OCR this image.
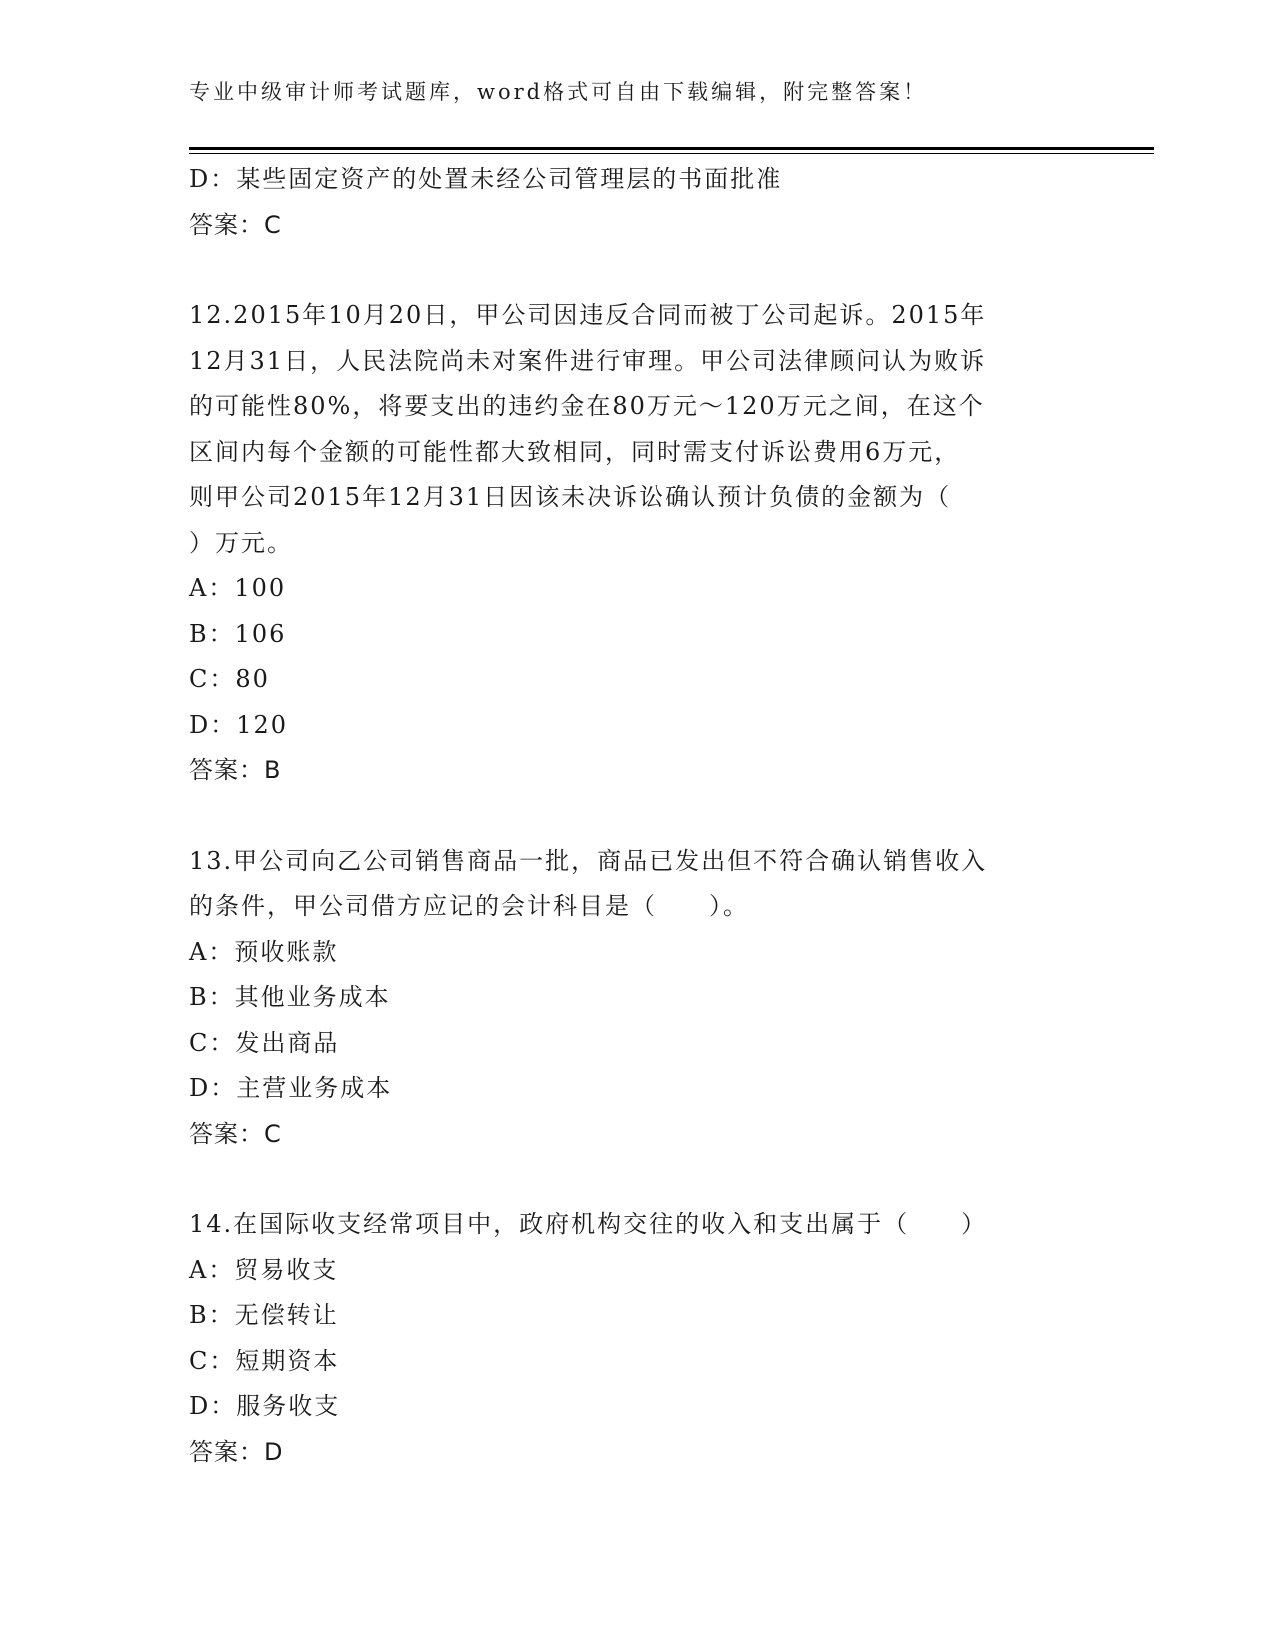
专业中级审计师考试题库，word格式可自由下载编辑，附完整答案！
D：某些固定资产的处置未经公司管理层的书面批准
答案：C
12.2015年10月20日，甲公司因违反合同而被丁公司起诉。2015年
12月31日，人民法院尚未对案件进行审理。甲公司法律顾问认为败诉
的可能性80%，将要支出的违约金在80万元～120万元之间，在这个
区间内每个金额的可能性都大致相同，同时需支付诉讼费用6万元，
则甲公司2015年12月31日因该未决诉讼确认预计负债的金额为（
）万元。
A：100
B：106
C：80
D：120
答案：B
13.甲公司向乙公司销售商品一批，商品已发出但不符合确认销售收入
的条件，甲公司借方应记的会计科目是（　　）。
A：预收账款
B：其他业务成本
C：发出商品
D：主营业务成本
答案：C
14.在国际收支经常项目中，政府机构交往的收入和支出属于（　　）
A：贸易收支
B：无偿转让
C：短期资本
D：服务收支
答案：D
